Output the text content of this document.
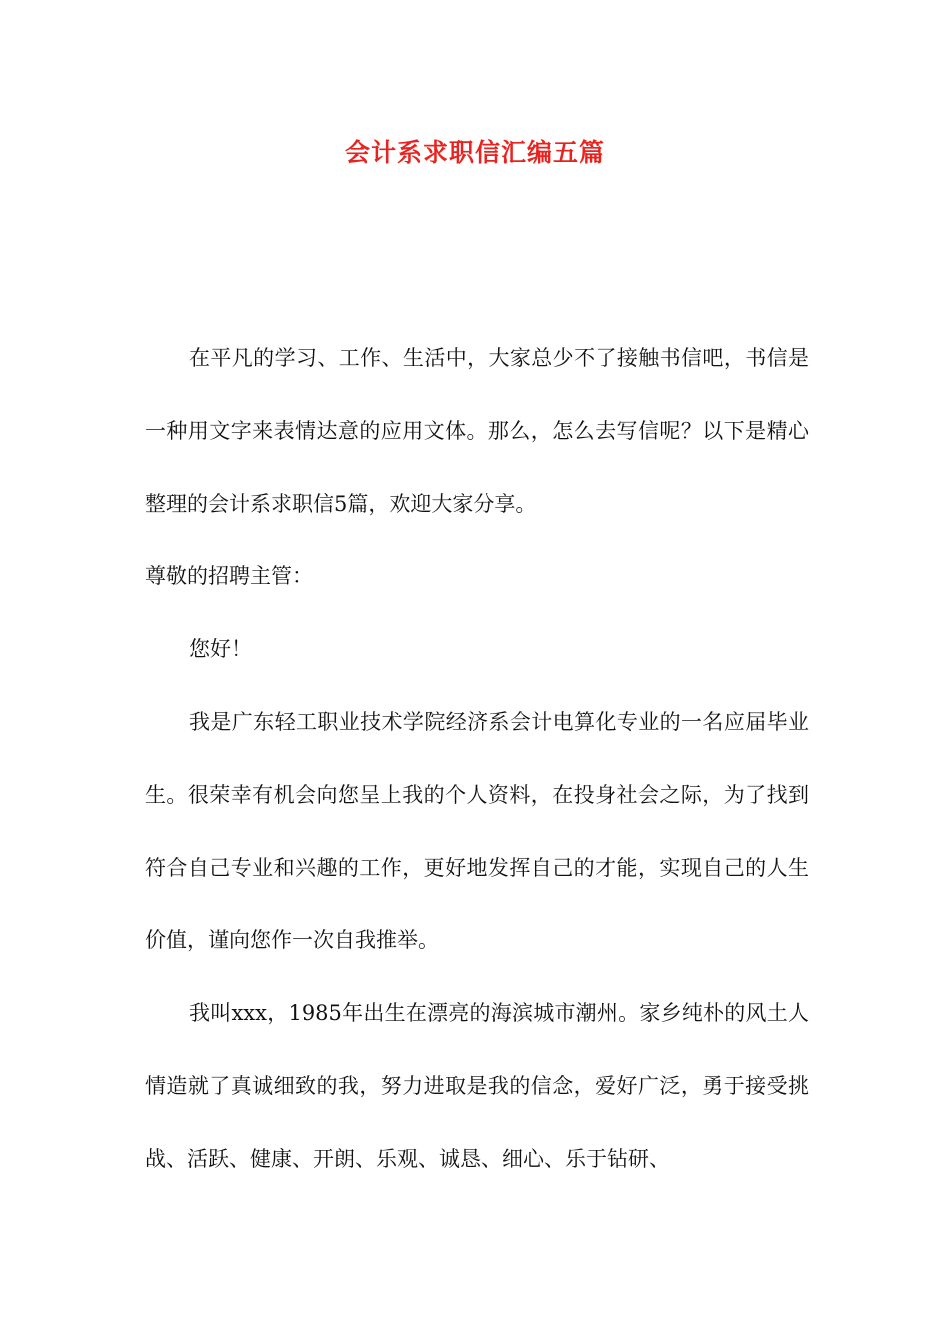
会计系求职信汇编五篇

在平凡的学习、工作、生活中，大家总少不了接触书信吧，书信是一种用文字来表情达意的应用文体。那么，怎么去写信呢？以下是精心整理的会计系求职信5篇，欢迎大家分享。

尊敬的招聘主管：

您好！

我是广东轻工职业技术学院经济系会计电算化专业的一名应届毕业生。很荣幸有机会向您呈上我的个人资料，在投身社会之际，为了找到符合自己专业和兴趣的工作，更好地发挥自己的才能，实现自己的人生价值，谨向您作一次自我推举。

我叫xxx，1985年出生在漂亮的海滨城市潮州。家乡纯朴的风土人情造就了真诚细致的我，努力进取是我的信念，爱好广泛，勇于接受挑战、活跃、健康、开朗、乐观、诚恳、细心、乐于钻研、
